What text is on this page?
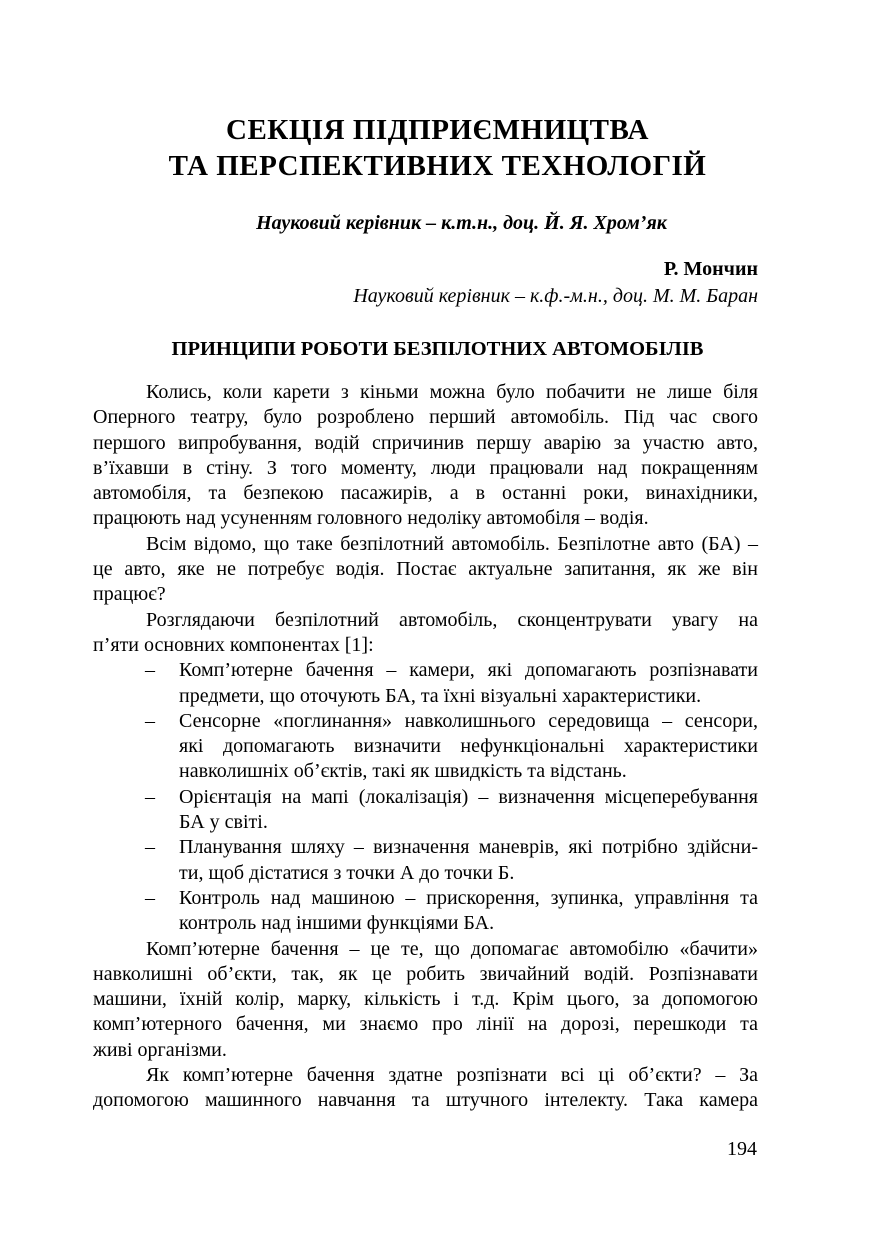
СЕКЦІЯ ПІДПРИЄМНИЦТВА
ТА ПЕРСПЕКТИВНИХ ТЕХНОЛОГІЙ
Науковий керівник – к.т.н., доц. Й. Я. Хром’як
Р. Мончин
Науковий керівник – к.ф.-м.н., доц. М. М. Баран
ПРИНЦИПИ РОБОТИ БЕЗПІЛОТНИХ АВТОМОБІЛІВ
Колись, коли карети з кіньми можна було побачити не лише біля
Оперного театру, було розроблено перший автомобіль. Під час свого
першого випробування, водій спричинив першу аварію за участю авто,
в’їхавши в стіну. З того моменту, люди працювали над покращенням
автомобіля, та безпекою пасажирів, а в останні роки, винахідники,
працюють над усуненням головного недоліку автомобіля – водія.
Всім відомо, що таке безпілотний автомобіль. Безпілотне авто (БА) –
це авто, яке не потребує водія. Постає актуальне запитання, як же він
працює?
Розглядаючи безпілотний автомобіль, сконцентрувати увагу на
п’яти основних компонентах [1]:
– Комп’ютерне бачення – камери, які допомагають розпізнавати
предмети, що оточують БА, та їхні візуальні характеристики.
– Сенсорне «поглинання» навколишнього середовища – сенсори,
які допомагають визначити нефункціональні характеристики
навколишніх об’єктів, такі як швидкість та відстань.
– Орієнтація на мапі (локалізація) – визначення місцеперебування
БА у світі.
– Планування шляху – визначення маневрів, які потрібно здійсни-
ти, щоб дістатися з точки А до точки Б.
– Контроль над машиною – прискорення, зупинка, управління та
контроль над іншими функціями БА.
Комп’ютерне бачення – це те, що допомагає автомобілю «бачити»
навколишні об’єкти, так, як це робить звичайний водій. Розпізнавати
машини, їхній колір, марку, кількість і т.д. Крім цього, за допомогою
комп’ютерного бачення, ми знаємо про лінії на дорозі, перешкоди та
живі організми.
Як комп’ютерне бачення здатне розпізнати всі ці об’єкти? – За
допомогою машинного навчання та штучного інтелекту. Така камера
194
